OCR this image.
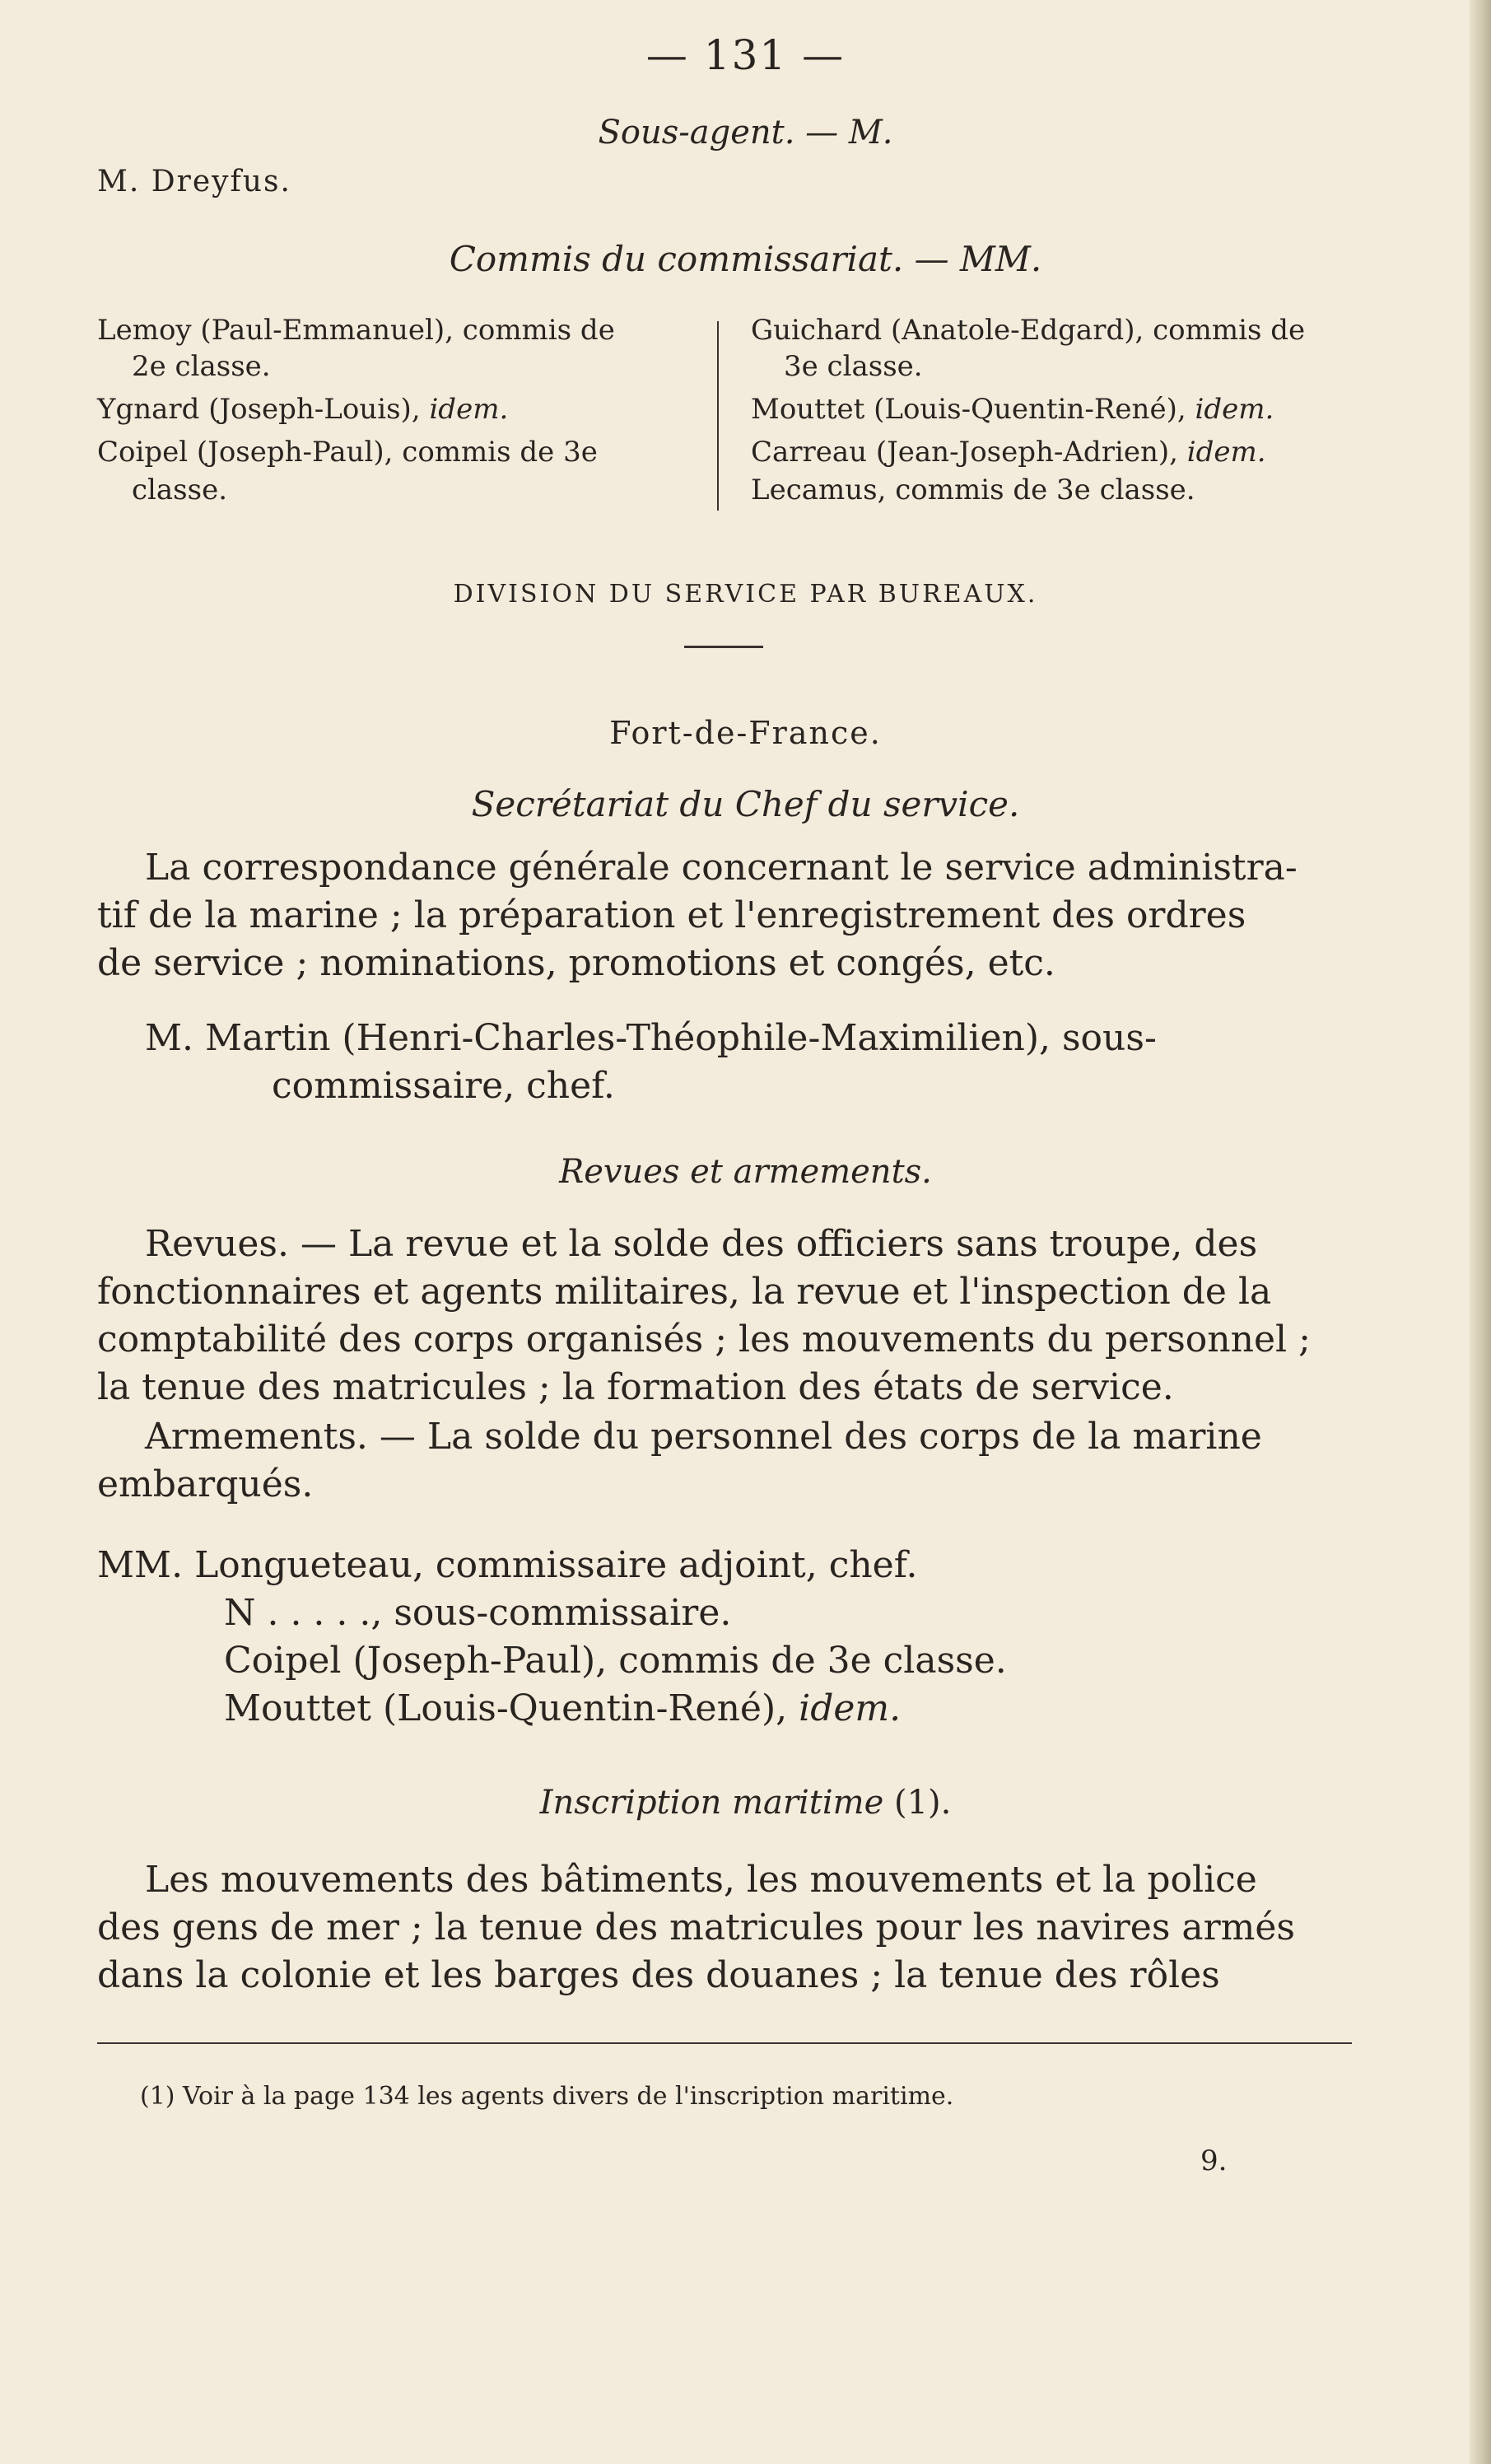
— 131 —
Sous-agent. — M.
M. Dreyfus.
Commis du commissariat. — MM.
Lemoy (Paul-Emmanuel), commis de
2e classe.
Ygnard (Joseph-Louis), idem.
Coipel (Joseph-Paul), commis de 3e
classe.
Guichard (Anatole-Edgard), commis de
3e classe.
Mouttet (Louis-Quentin-René), idem.
Carreau (Jean-Joseph-Adrien), idem.
Lecamus, commis de 3e classe.
DIVISION DU SERVICE PAR BUREAUX.
Fort-de-France.
Secrétariat du Chef du service.
La correspondance générale concernant le service administra-
tif de la marine ; la préparation et l'enregistrement des ordres
de service ; nominations, promotions et congés, etc.
M. Martin (Henri-Charles-Théophile-Maximilien), sous-
commissaire, chef.
Revues et armements.
Revues. — La revue et la solde des officiers sans troupe, des
fonctionnaires et agents militaires, la revue et l'inspection de la
comptabilité des corps organisés ; les mouvements du personnel ;
la tenue des matricules ; la formation des états de service.
Armements. — La solde du personnel des corps de la marine
embarqués.
MM. Longueteau, commissaire adjoint, chef.
N . . . . ., sous-commissaire.
Coipel (Joseph-Paul), commis de 3e classe.
Mouttet (Louis-Quentin-René), idem.
Inscription maritime (1).
Les mouvements des bâtiments, les mouvements et la police
des gens de mer ; la tenue des matricules pour les navires armés
dans la colonie et les barges des douanes ; la tenue des rôles
(1) Voir à la page 134 les agents divers de l'inscription maritime.
9.
